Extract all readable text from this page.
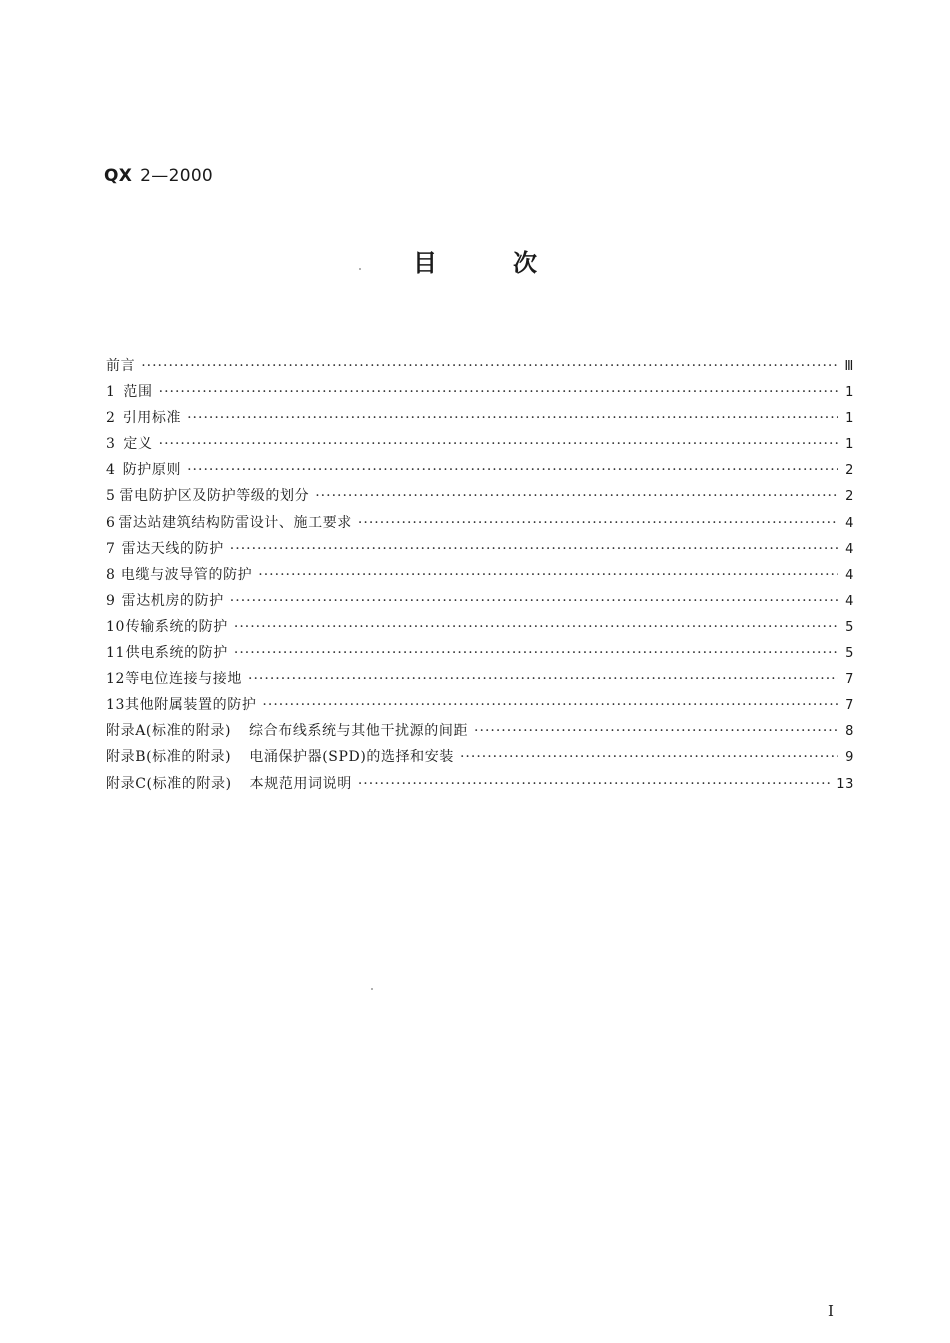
QX 2—2000
目	次
前言 ·····	Ⅲ
1 范围 ·····	1
2 引用标准 ·····	1
3 定义 ·····	1
4 防护原则 ·····	2
5 雷电防护区及防护等级的划分 ·····	2
6 雷达站建筑结构防雷设计、施工要求 ·····	4
7 雷达天线的防护 ·····	4
8 电缆与波导管的防护 ·····	4
9 雷达机房的防护 ·····	4
10 传输系统的防护 ·····	5
11 供电系统的防护 ·····	5
12 等电位连接与接地 ·····	7
13 其他附属装置的防护 ·····	7
附录A(标准的附录) 综合布线系统与其他干扰源的间距 ·····	8
附录B(标准的附录) 电涌保护器(SPD)的选择和安装 ·····	9
附录C(标准的附录) 本规范用词说明 ·····	13
I
